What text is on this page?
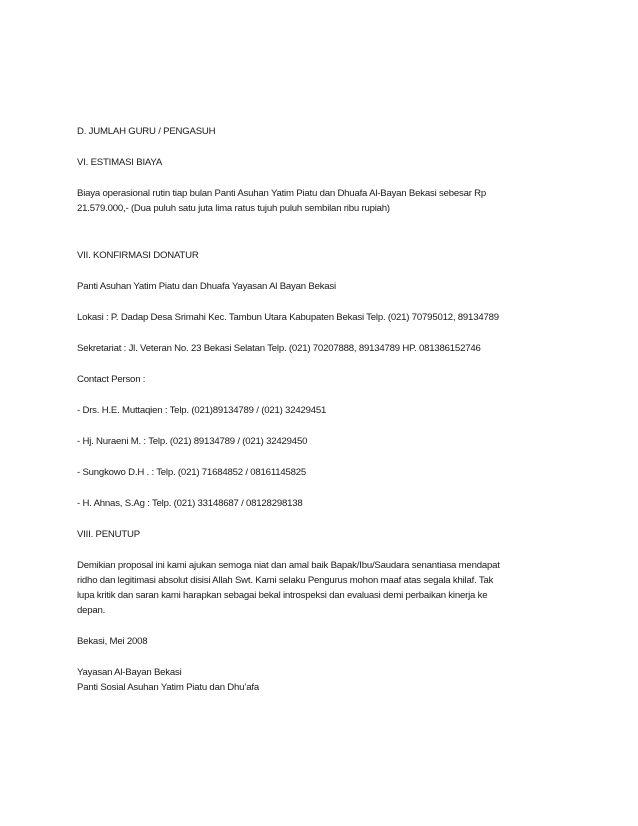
D. JUMLAH GURU / PENGASUH

VI. ESTIMASI BIAYA

Biaya operasional rutin tiap bulan Panti Asuhan Yatim Piatu dan Dhuafa Al-Bayan Bekasi sebesar Rp
21.579.000,- (Dua puluh satu juta lima ratus tujuh puluh sembilan ribu rupiah)

VII. KONFIRMASI DONATUR

Panti Asuhan Yatim Piatu dan Dhuafa Yayasan Al Bayan Bekasi

Lokasi : P. Dadap Desa Srimahi Kec. Tambun Utara Kabupaten Bekasi Telp. (021) 70795012, 89134789

Sekretariat : Jl. Veteran No. 23 Bekasi Selatan Telp. (021) 70207888, 89134789 HP. 081386152746

Contact Person :

- Drs. H.E. Muttaqien : Telp. (021)89134789 / (021) 32429451

- Hj. Nuraeni M. : Telp. (021) 89134789 / (021) 32429450

- Sungkowo D.H . : Telp. (021) 71684852 / 08161145825

- H. Ahnas, S.Ag : Telp. (021) 33148687 / 08128298138

VIII. PENUTUP

Demikian proposal ini kami ajukan semoga niat dan amal baik Bapak/Ibu/Saudara senantiasa mendapat
ridho dan legitimasi absolut disisi Allah Swt. Kami selaku Pengurus mohon maaf atas segala khilaf. Tak
lupa kritik dan saran kami harapkan sebagai bekal introspeksi dan evaluasi demi perbaikan kinerja ke
depan.

Bekasi, Mei 2008

Yayasan Al-Bayan Bekasi
Panti Sosial Asuhan Yatim Piatu dan Dhu’afa
